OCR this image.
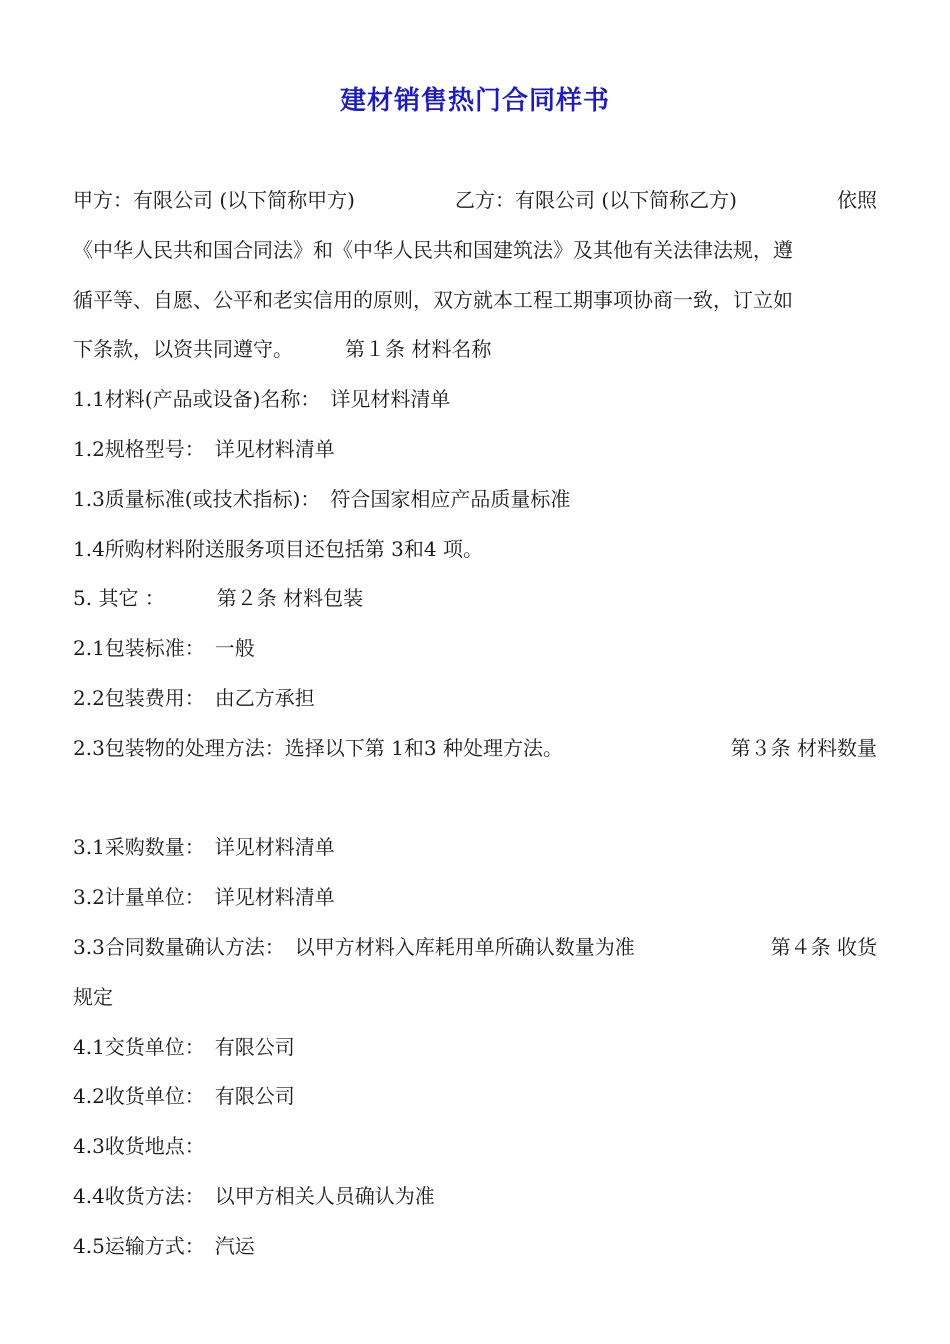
建材销售热门合同样书
甲方：有限公司 (以下简称甲方)	乙方：有限公司 (以下简称乙方)	依照
《中华人民共和国合同法》和《中华人民共和国建筑法》及其他有关法律法规，遵
循平等、自愿、公平和老实信用的原则，双方就本工程工期事项协商一致，订立如
下条款，以资共同遵守。	第１条 材料名称
1.1材料(产品或设备)名称：　详见材料清单
1.2规格型号：　详见材料清单
1.3质量标准(或技术指标)：　符合国家相应产品质量标准
1.4所购材料附送服务项目还包括第 3和4 项。
5. 其它 ：	第２条 材料包装
2.1包装标准：　一般
2.2包装费用：　由乙方承担
2.3包装物的处理方法：选择以下第 1和3 种处理方法。	第３条 材料数量
3.1采购数量：　详见材料清单
3.2计量单位：　详见材料清单
3.3合同数量确认方法：　以甲方材料入库耗用单所确认数量为准	第４条 收货
规定
4.1交货单位：　有限公司
4.2收货单位：　有限公司
4.3收货地点：
4.4收货方法：　以甲方相关人员确认为准
4.5运输方式：　汽运
